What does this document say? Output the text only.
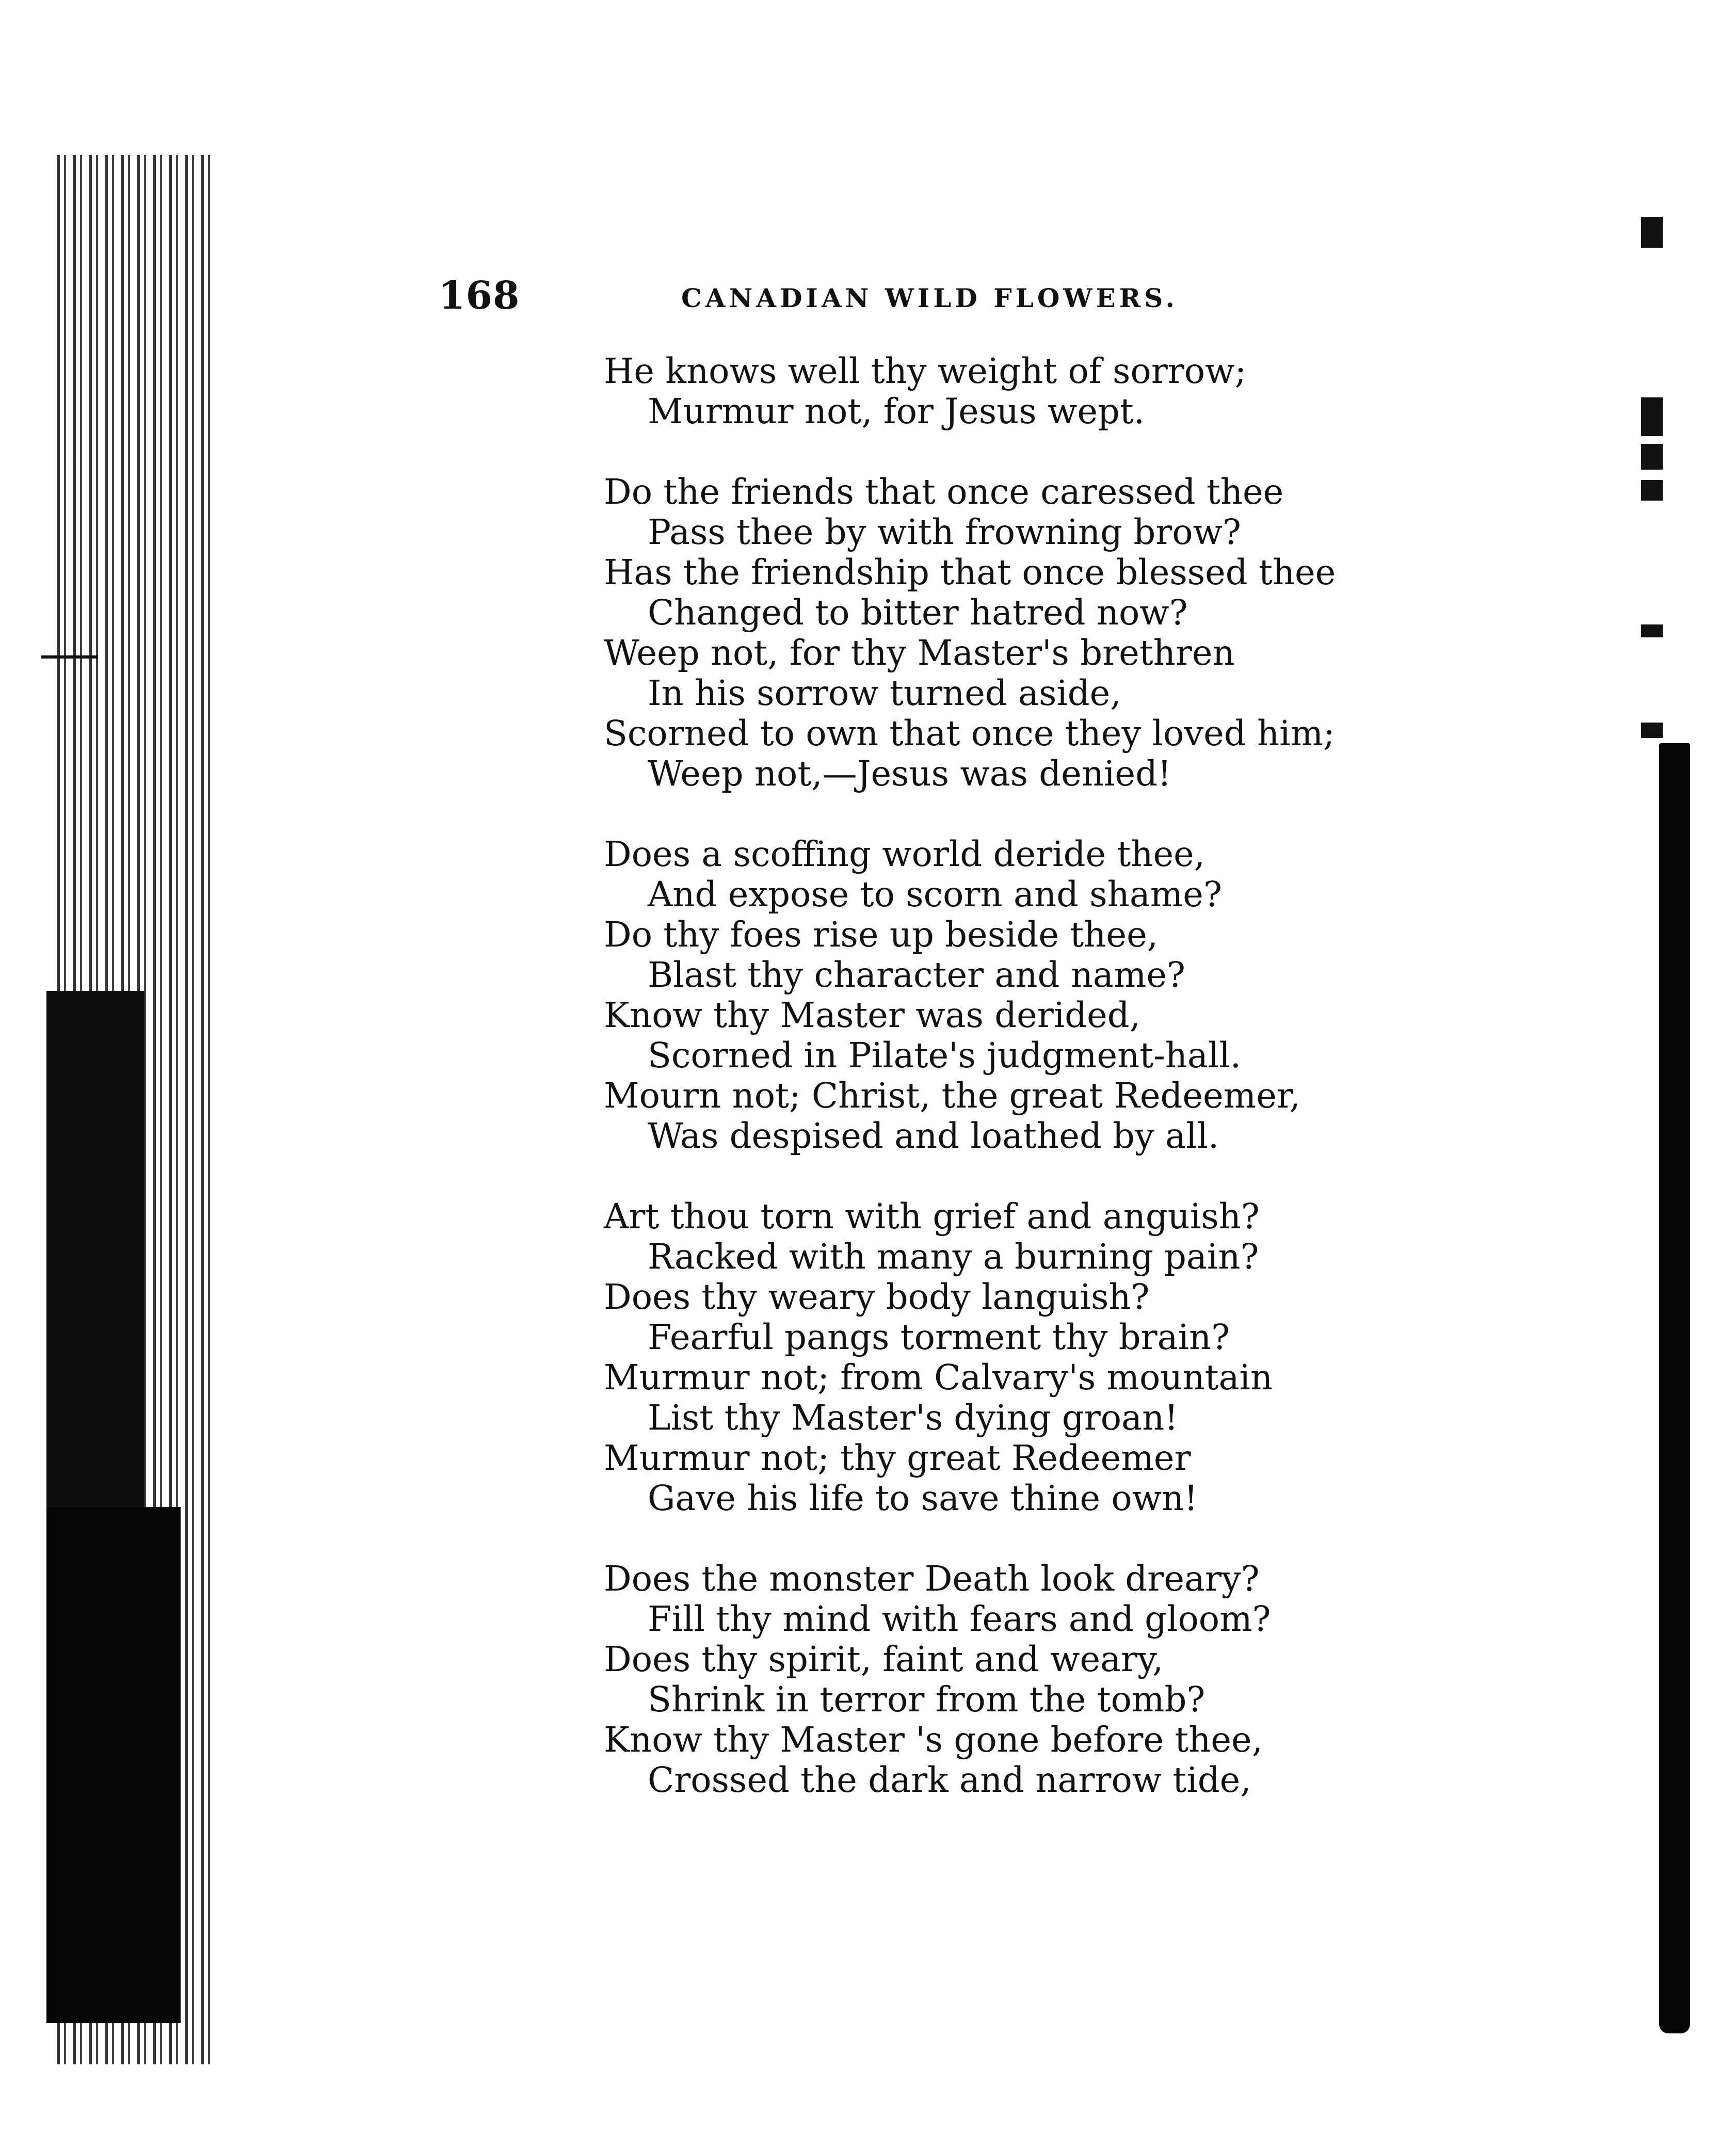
168	CANADIAN WILD FLOWERS.
He knows well thy weight of sorrow;
Murmur not, for Jesus wept.
Do the friends that once caressed thee
Pass thee by with frowning brow?
Has the friendship that once blessed thee
Changed to bitter hatred now?
Weep not, for thy Master's brethren
In his sorrow turned aside,
Scorned to own that once they loved him;
Weep not,—Jesus was denied!
Does a scoffing world deride thee,
And expose to scorn and shame?
Do thy foes rise up beside thee,
Blast thy character and name?
Know thy Master was derided,
Scorned in Pilate's judgment-hall.
Mourn not; Christ, the great Redeemer,
Was despised and loathed by all.
Art thou torn with grief and anguish?
Racked with many a burning pain?
Does thy weary body languish?
Fearful pangs torment thy brain?
Murmur not; from Calvary's mountain
List thy Master's dying groan!
Murmur not; thy great Redeemer
Gave his life to save thine own!
Does the monster Death look dreary?
Fill thy mind with fears and gloom?
Does thy spirit, faint and weary,
Shrink in terror from the tomb?
Know thy Master 's gone before thee,
Crossed the dark and narrow tide,
